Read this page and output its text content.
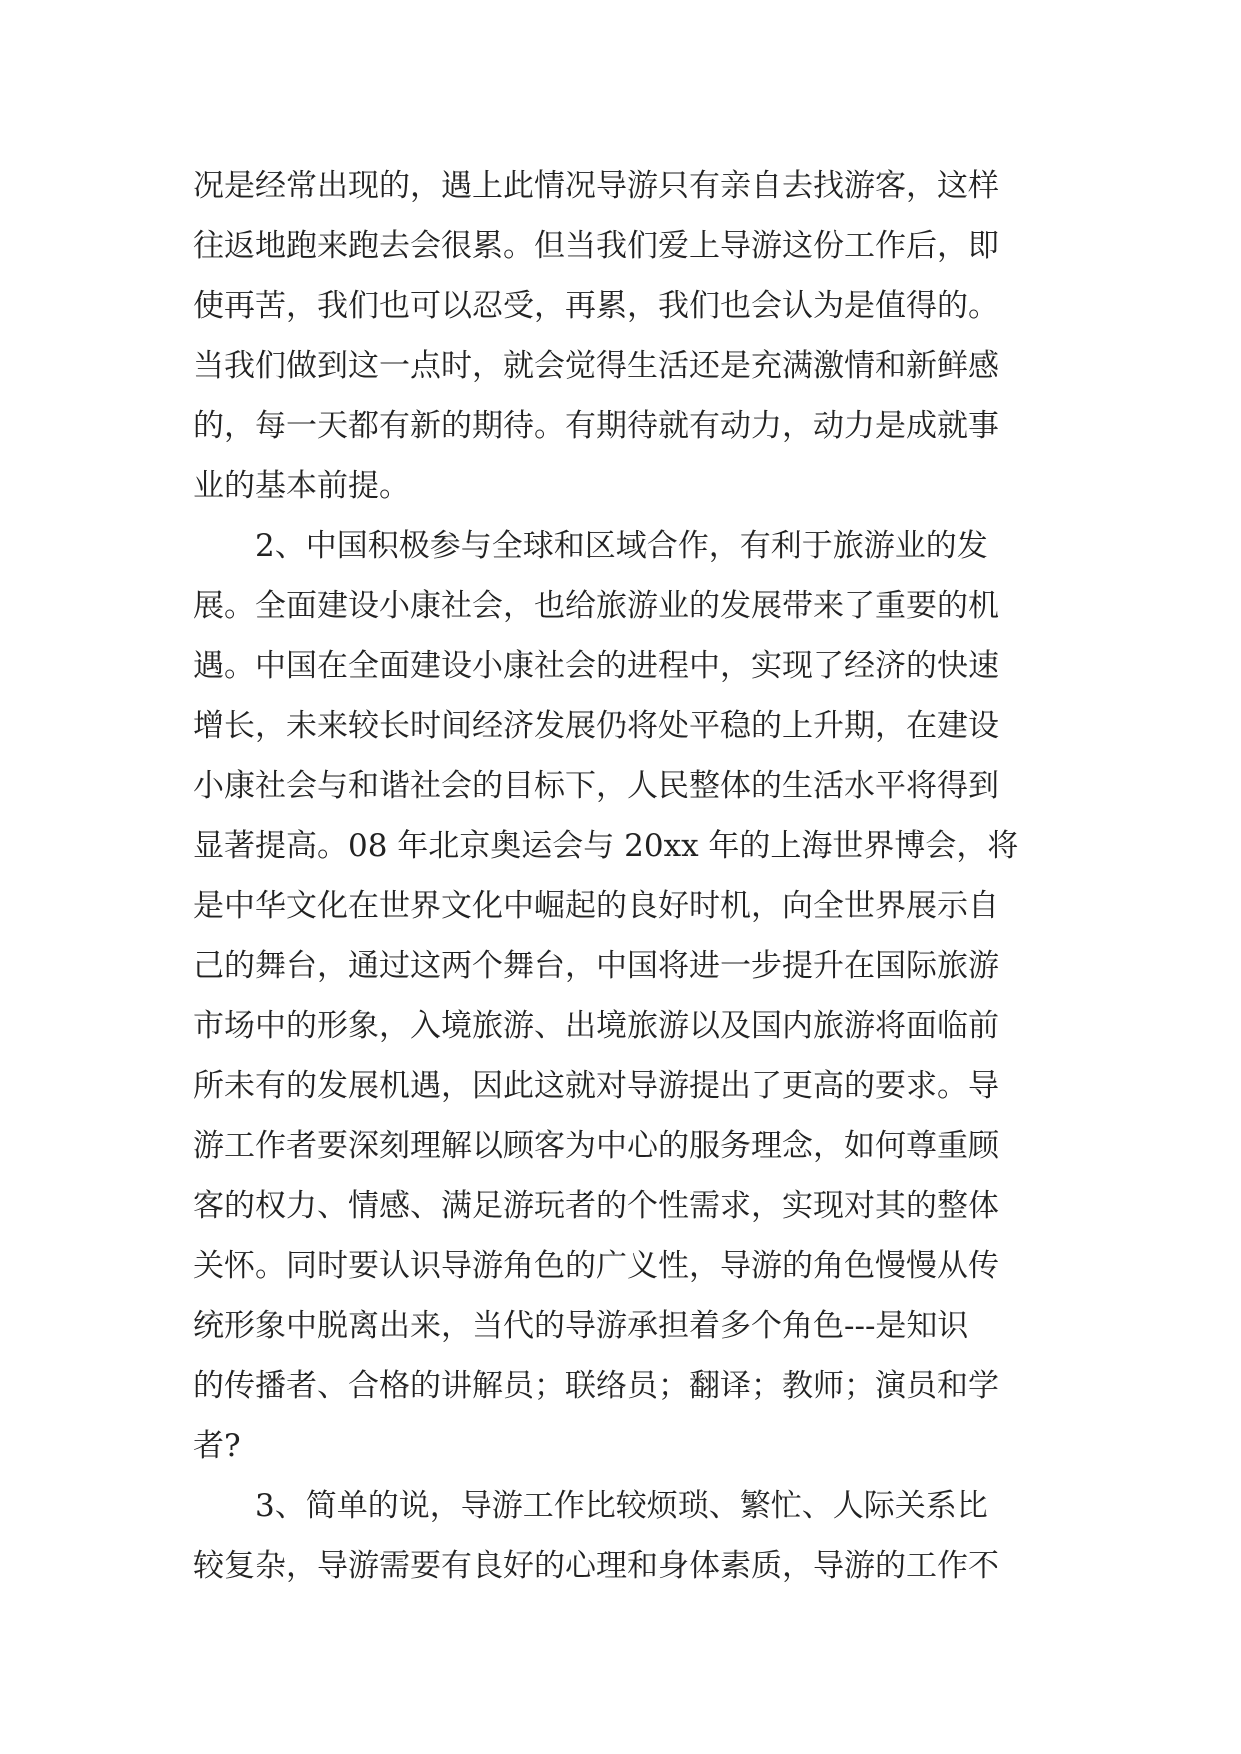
况是经常出现的，遇上此情况导游只有亲自去找游客，这样
往返地跑来跑去会很累。但当我们爱上导游这份工作后，即
使再苦，我们也可以忍受，再累，我们也会认为是值得的。
当我们做到这一点时，就会觉得生活还是充满激情和新鲜感
的，每一天都有新的期待。有期待就有动力，动力是成就事
业的基本前提。
2、中国积极参与全球和区域合作，有利于旅游业的发
展。全面建设小康社会，也给旅游业的发展带来了重要的机
遇。中国在全面建设小康社会的进程中，实现了经济的快速
增长，未来较长时间经济发展仍将处平稳的上升期，在建设
小康社会与和谐社会的目标下，人民整体的生活水平将得到
显著提高。08 年北京奥运会与 20xx 年的上海世界博会，将
是中华文化在世界文化中崛起的良好时机，向全世界展示自
己的舞台，通过这两个舞台，中国将进一步提升在国际旅游
市场中的形象，入境旅游、出境旅游以及国内旅游将面临前
所未有的发展机遇，因此这就对导游提出了更高的要求。导
游工作者要深刻理解以顾客为中心的服务理念，如何尊重顾
客的权力、情感、满足游玩者的个性需求，实现对其的整体
关怀。同时要认识导游角色的广义性，导游的角色慢慢从传
统形象中脱离出来，当代的导游承担着多个角色---是知识
的传播者、合格的讲解员；联络员；翻译；教师；演员和学
者?
3、简单的说，导游工作比较烦琐、繁忙、人际关系比
较复杂，导游需要有良好的心理和身体素质，导游的工作不
